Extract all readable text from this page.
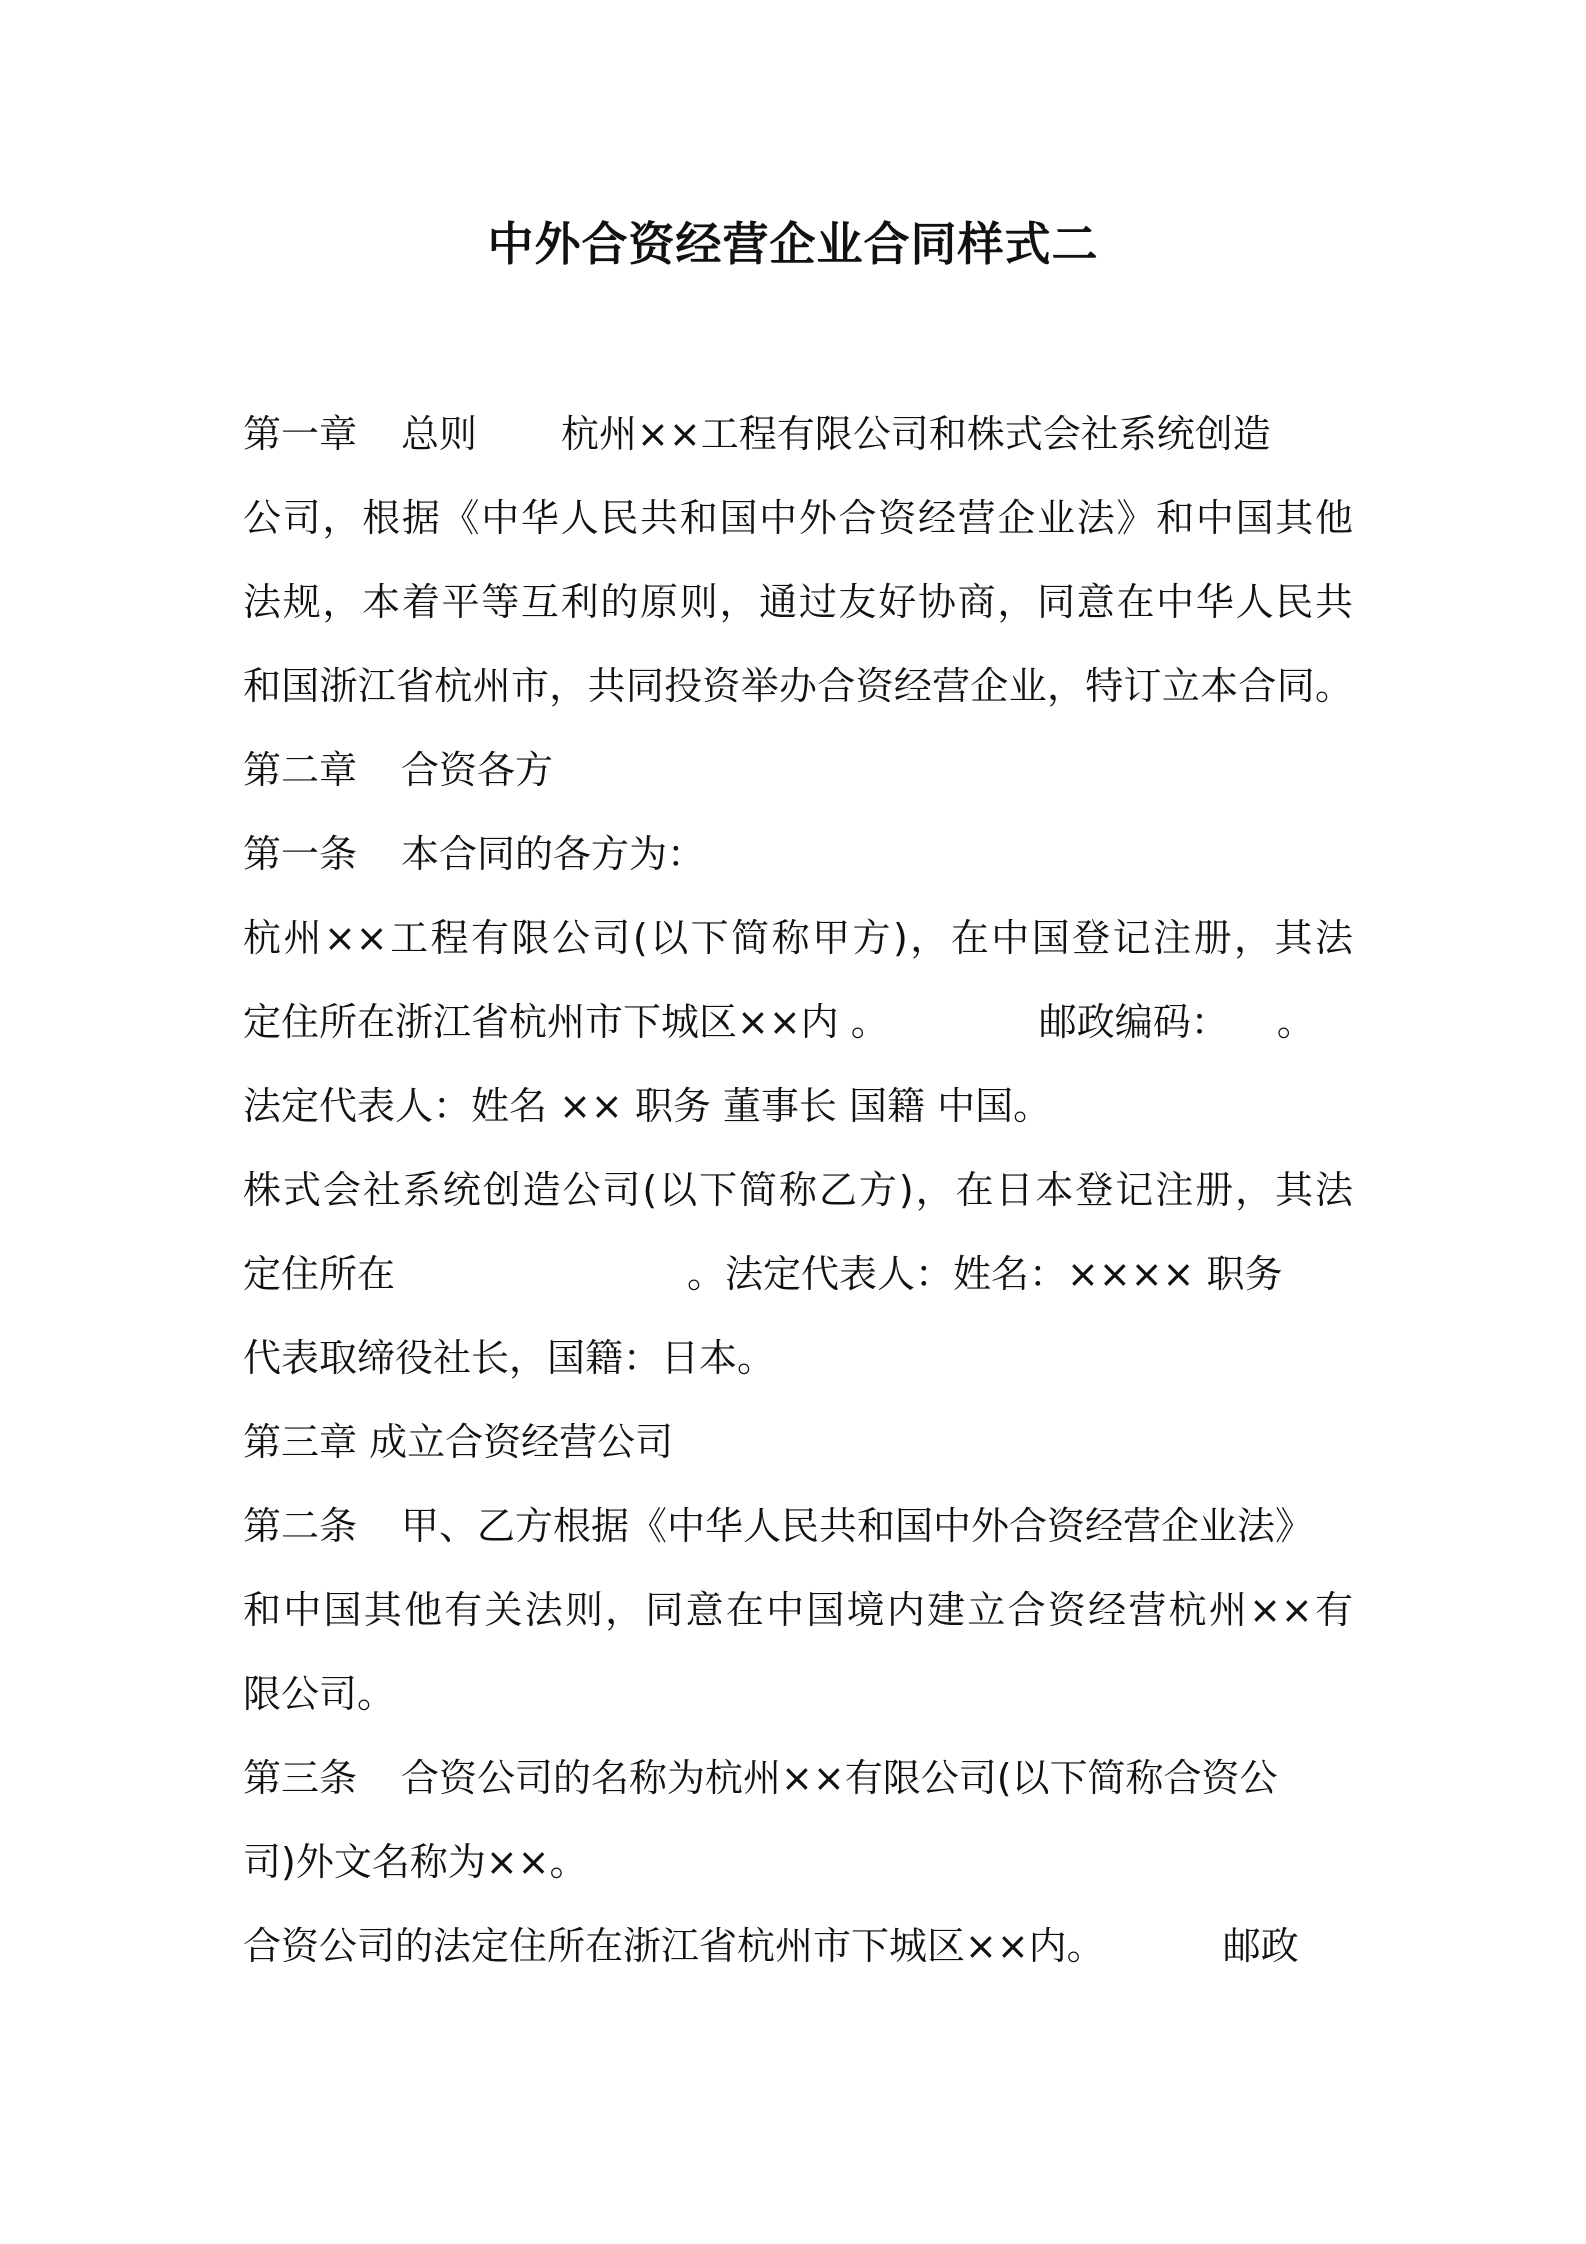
中外合资经营企业合同样式二

第一章 总则 杭州××工程有限公司和株式会社系统创造

公司，根据《中华人民共和国中外合资经营企业法》和中国其他

法规，本着平等互利的原则，通过友好协商，同意在中华人民共

和国浙江省杭州市，共同投资举办合资经营企业，特订立本合同。

第二章 合资各方

第一条 本合同的各方为：

杭州××工程有限公司(以下简称甲方)，在中国登记注册，其法

定住所在浙江省杭州市下城区××内 。	邮政编码： 。

法定代表人：姓名 ×× 职务 董事长 国籍 中国。

株式会社系统创造公司(以下简称乙方)，在日本登记注册，其法

定住所在	。法定代表人：姓名：×××× 职务

代表取缔役社长，国籍：日本。

第三章 成立合资经营公司

第二条 甲、乙方根据《中华人民共和国中外合资经营企业法》

和中国其他有关法则，同意在中国境内建立合资经营杭州××有

限公司。

第三条 合资公司的名称为杭州××有限公司(以下简称合资公

司)外文名称为××。

合资公司的法定住所在浙江省杭州市下城区××内。	邮政
